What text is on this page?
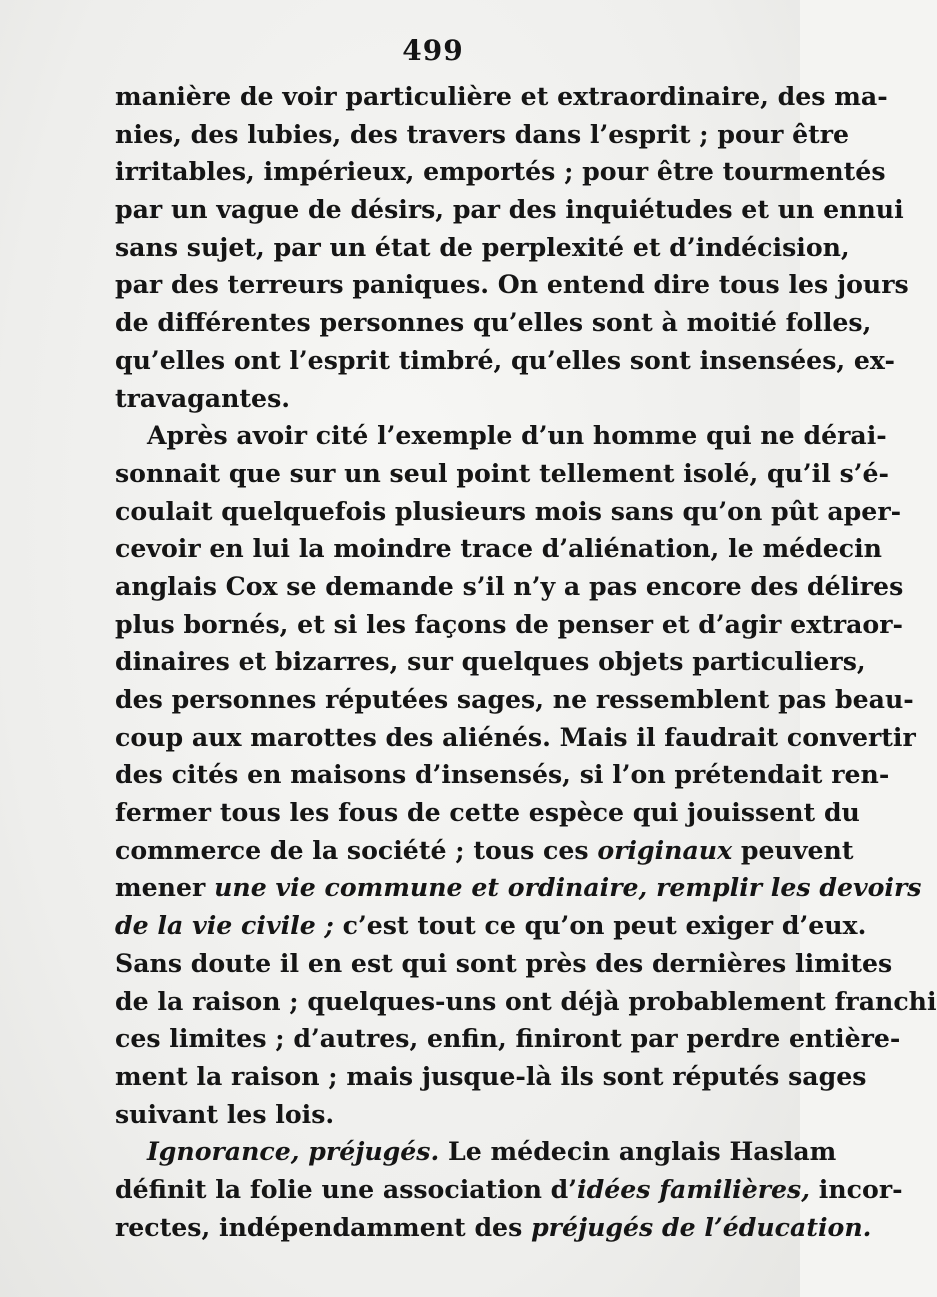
499
manière de voir particulière et extraordinaire, des ma-
nies, des lubies, des travers dans l’esprit ; pour être
irritables, impérieux, emportés ; pour être tourmentés
par un vague de désirs, par des inquiétudes et un ennui
sans sujet, par un état de perplexité et d’indécision,
par des terreurs paniques. On entend dire tous les jours
de différentes personnes qu’elles sont à moitié folles,
qu’elles ont l’esprit timbré, qu’elles sont insensées, ex-
travagantes.
Après avoir cité l’exemple d’un homme qui ne dérai-
sonnait que sur un seul point tellement isolé, qu’il s’é-
coulait quelquefois plusieurs mois sans qu’on pût aper-
cevoir en lui la moindre trace d’aliénation, le médecin
anglais Cox se demande s’il n’y a pas encore des délires
plus bornés, et si les façons de penser et d’agir extraor-
dinaires et bizarres, sur quelques objets particuliers,
des personnes réputées sages, ne ressemblent pas beau-
coup aux marottes des aliénés. Mais il faudrait convertir
des cités en maisons d’insensés, si l’on prétendait ren-
fermer tous les fous de cette espèce qui jouissent du
commerce de la société ; tous ces originaux peuvent
mener une vie commune et ordinaire, remplir les devoirs
de la vie civile ; c’est tout ce qu’on peut exiger d’eux.
Sans doute il en est qui sont près des dernières limites
de la raison ; quelques-uns ont déjà probablement franchi
ces limites ; d’autres, enfin, finiront par perdre entière-
ment la raison ; mais jusque-là ils sont réputés sages
suivant les lois.
Ignorance, préjugés. Le médecin anglais Haslam
définit la folie une association d’idées familières, incor-
rectes, indépendamment des préjugés de l’éducation.
